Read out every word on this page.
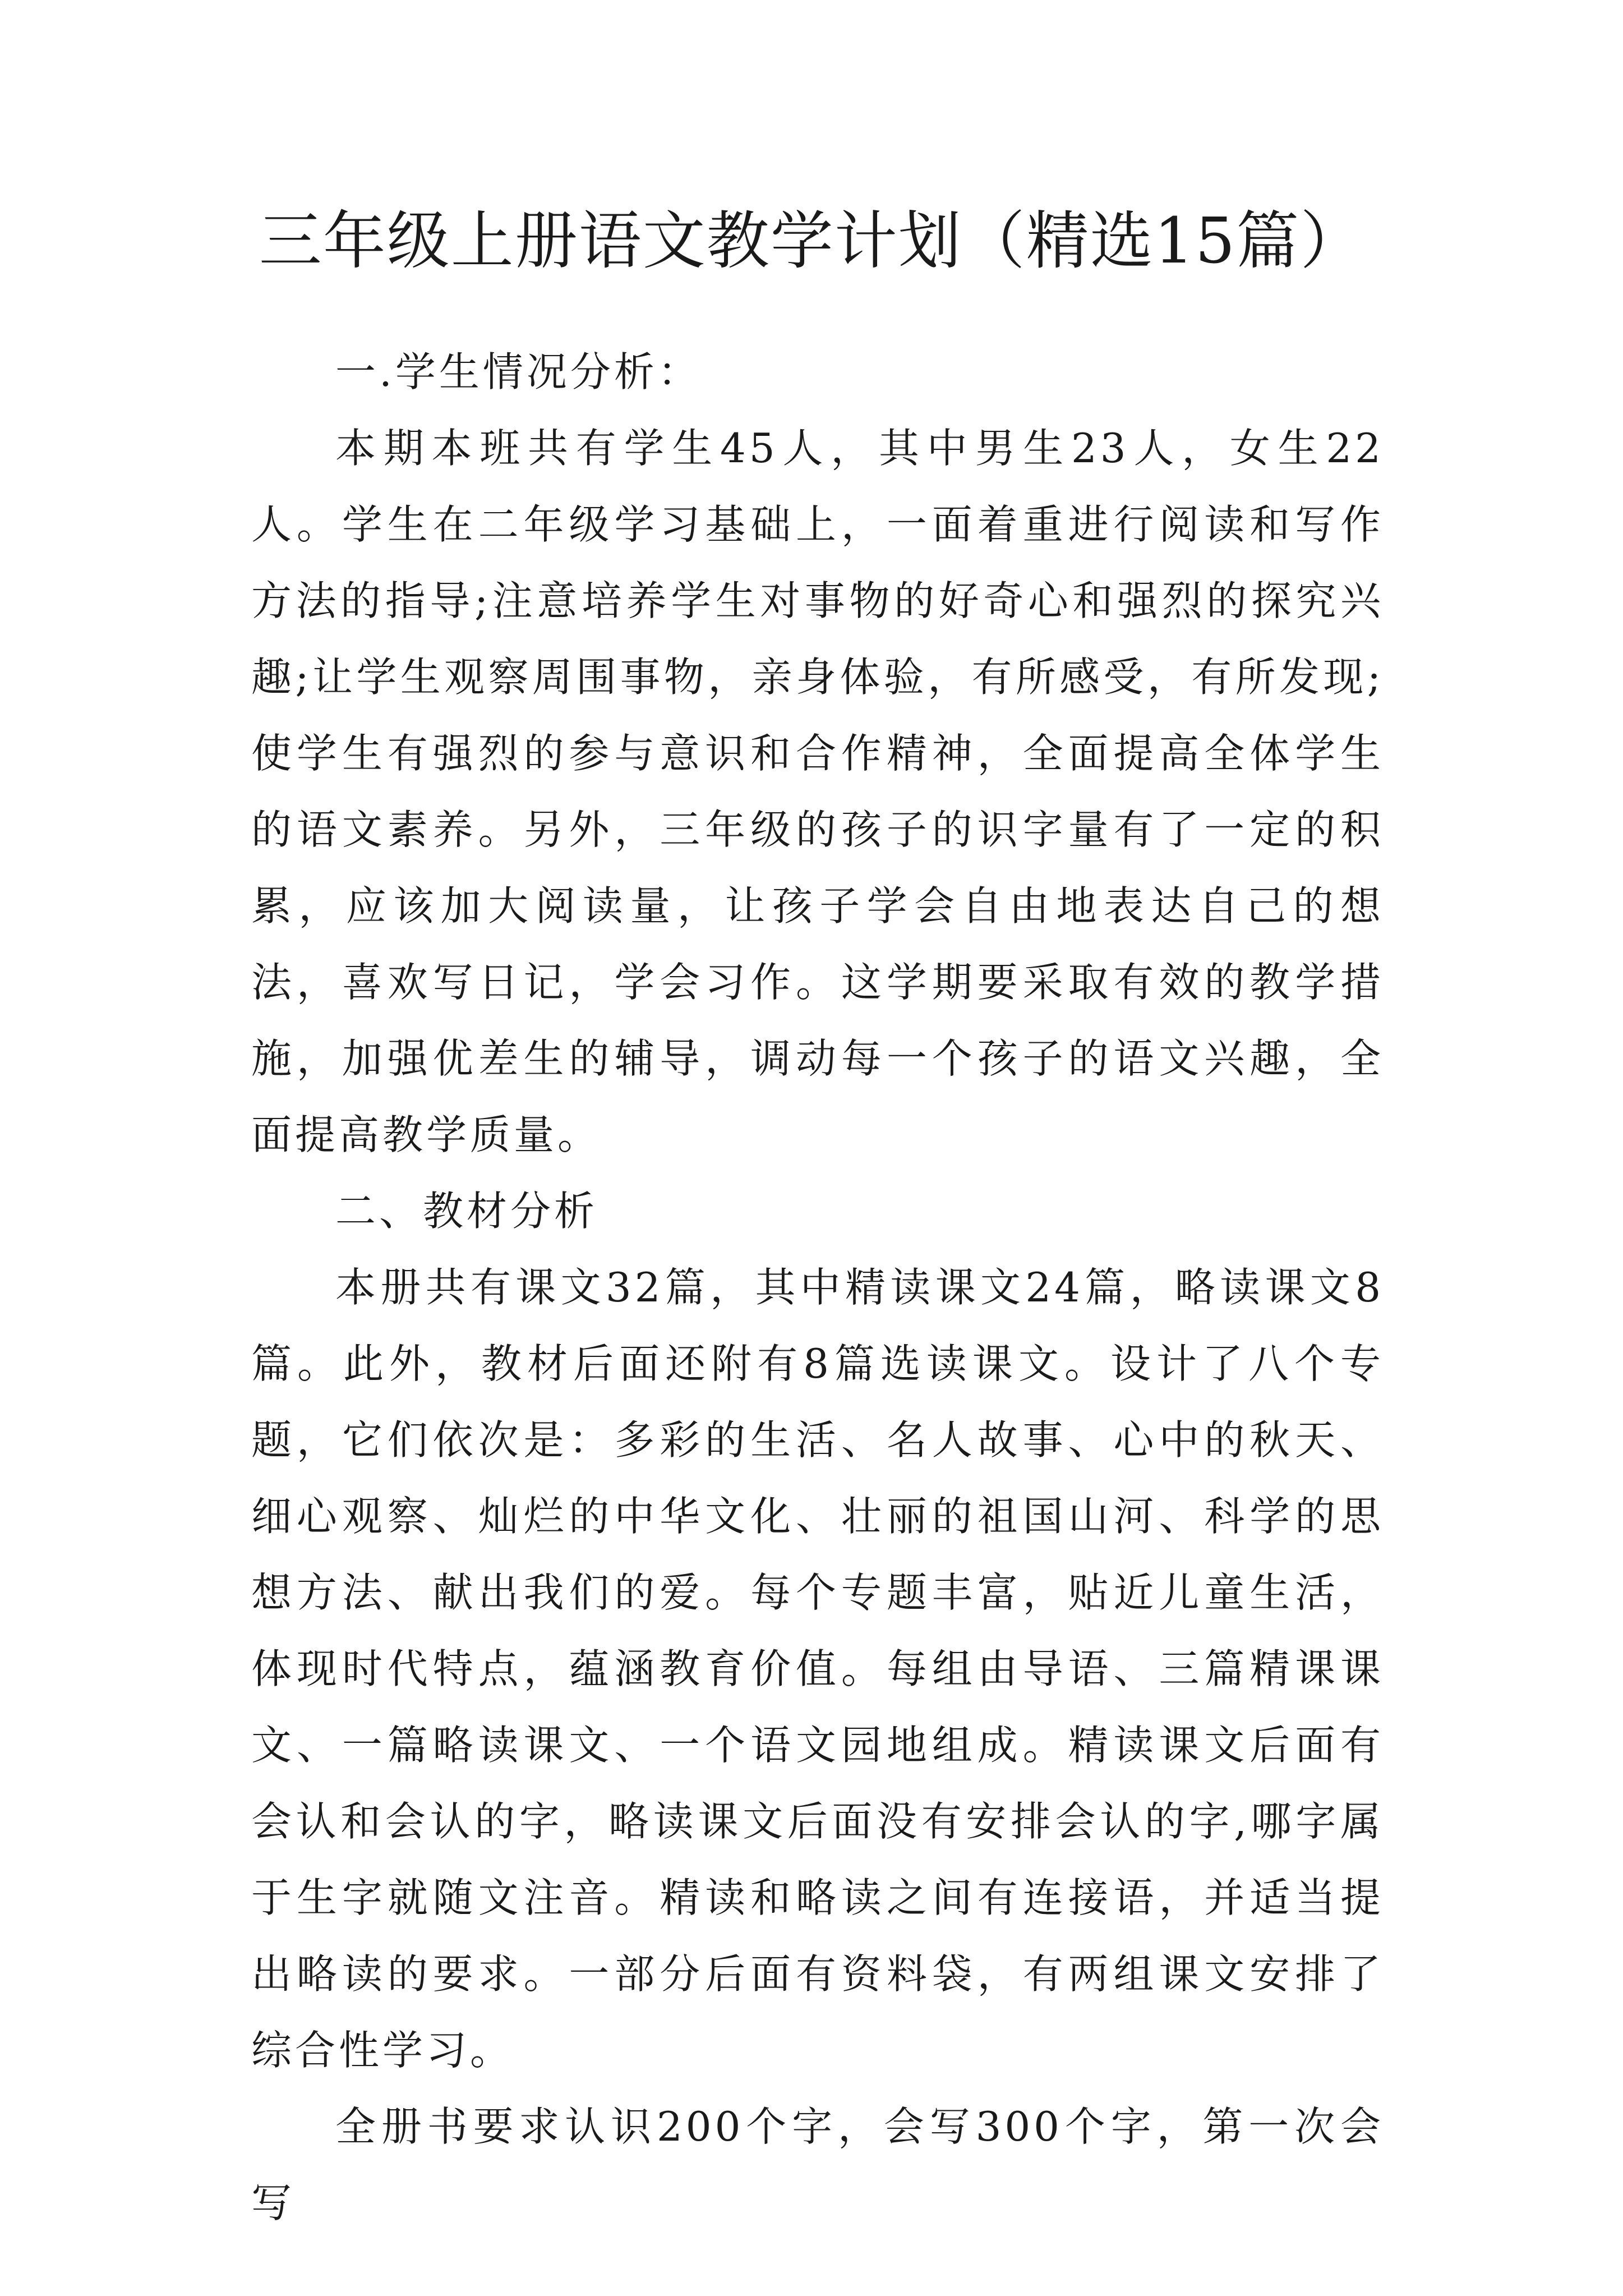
三年级上册语文教学计划（精选15篇）

一.学生情况分析：

本期本班共有学生45人，其中男生23人，女生22人。学生在二年级学习基础上，一面着重进行阅读和写作方法的指导;注意培养学生对事物的好奇心和强烈的探究兴趣;让学生观察周围事物，亲身体验，有所感受，有所发现;使学生有强烈的参与意识和合作精神，全面提高全体学生的语文素养。另外，三年级的孩子的识字量有了一定的积累，应该加大阅读量，让孩子学会自由地表达自己的想法，喜欢写日记，学会习作。这学期要采取有效的教学措施，加强优差生的辅导，调动每一个孩子的语文兴趣，全面提高教学质量。

二、教材分析

本册共有课文32篇，其中精读课文24篇，略读课文8篇。此外，教材后面还附有8篇选读课文。设计了八个专题，它们依次是：多彩的生活、名人故事、心中的秋天、细心观察、灿烂的中华文化、壮丽的祖国山河、科学的思想方法、献出我们的爱。每个专题丰富，贴近儿童生活，体现时代特点，蕴涵教育价值。每组由导语、三篇精课课文、一篇略读课文、一个语文园地组成。精读课文后面有会认和会认的字，略读课文后面没有安排会认的字,哪字属于生字就随文注音。精读和略读之间有连接语，并适当提出略读的要求。一部分后面有资料袋，有两组课文安排了综合性学习。

全册书要求认识200个字，会写300个字，第一次会写
